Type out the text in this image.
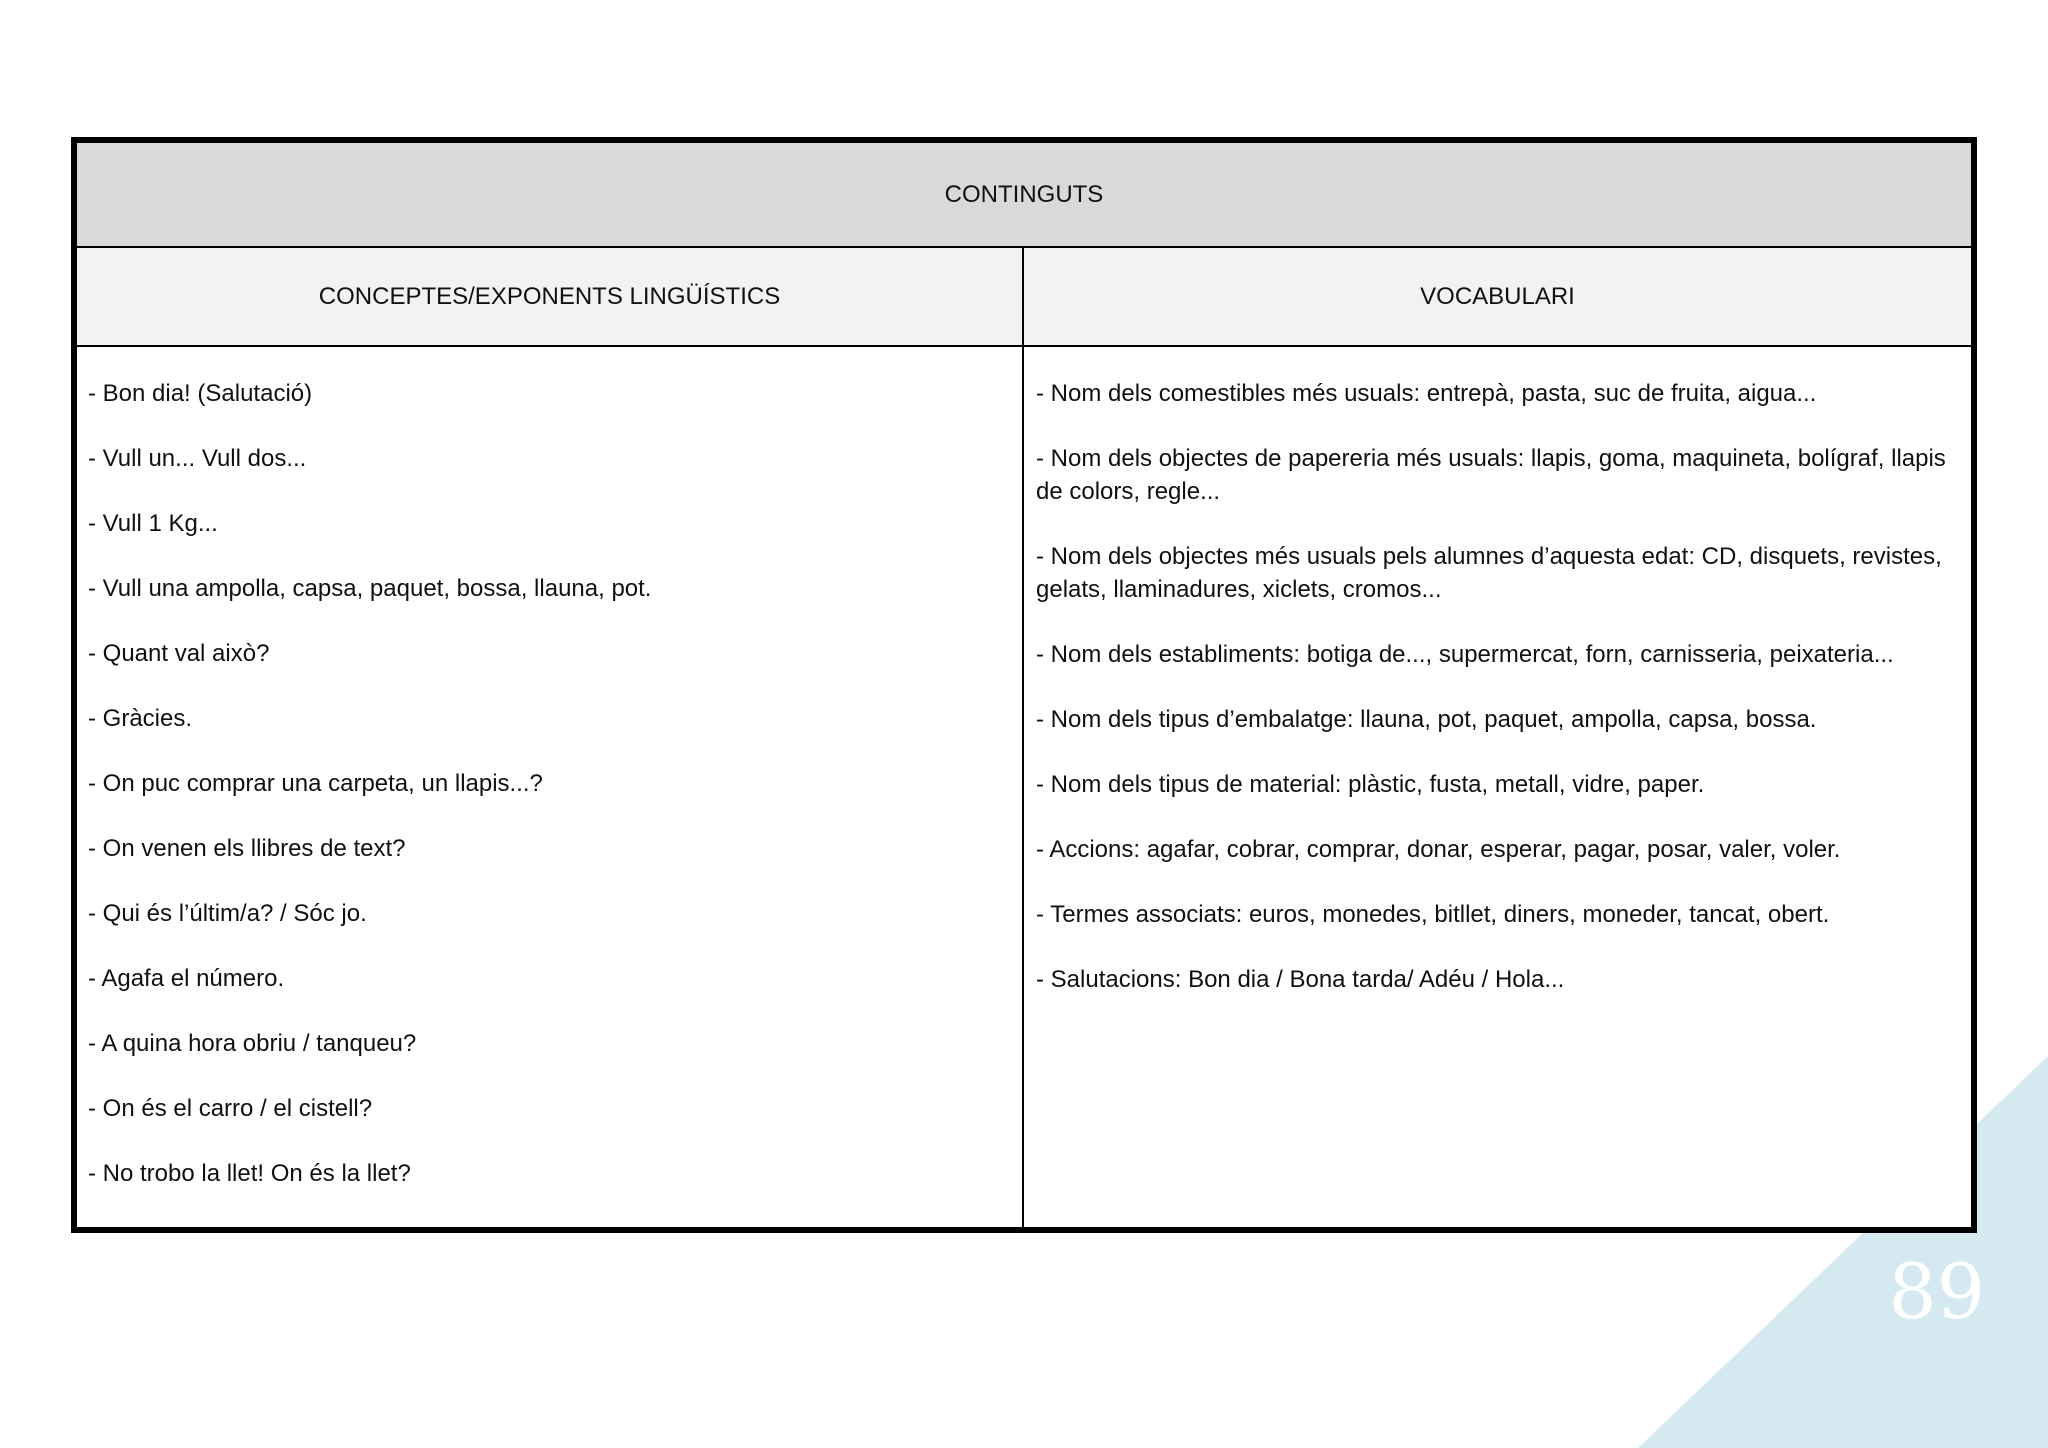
89
CONTINGUTS
CONCEPTES/EXPONENTS LINGÜÍSTICS	VOCABULARI

- Bon dia! (Salutació)

- Vull un... Vull dos...

- Vull 1 Kg...

- Vull una ampolla, capsa, paquet, bossa, llauna, pot.

- Quant val això?

- Gràcies.

- On puc comprar una carpeta, un llapis...?

- On venen els llibres de text?

- Qui és l’últim/a? / Sóc jo.

- Agafa el número.

- A quina hora obriu / tanqueu?

- On és el carro / el cistell?

- No trobo la llet! On és la llet?

- Nom dels comestibles més usuals: entrepà, pasta, suc de fruita, aigua...

- Nom dels objectes de papereria més usuals: llapis, goma, maquineta, bolígraf, llapis de colors, regle...

- Nom dels objectes més usuals pels alumnes d’aquesta edat: CD, disquets, revistes, gelats, llaminadures, xiclets, cromos...

- Nom dels establiments: botiga de..., supermercat, forn, carnisseria, peixateria...

- Nom dels tipus d’embalatge: llauna, pot, paquet, ampolla, capsa, bossa.

- Nom dels tipus de material: plàstic, fusta, metall, vidre, paper.

- Accions: agafar, cobrar, comprar, donar, esperar, pagar, posar, valer, voler.

- Termes associats: euros, monedes, bitllet, diners, moneder, tancat, obert.

- Salutacions: Bon dia / Bona tarda/ Adéu / Hola...
